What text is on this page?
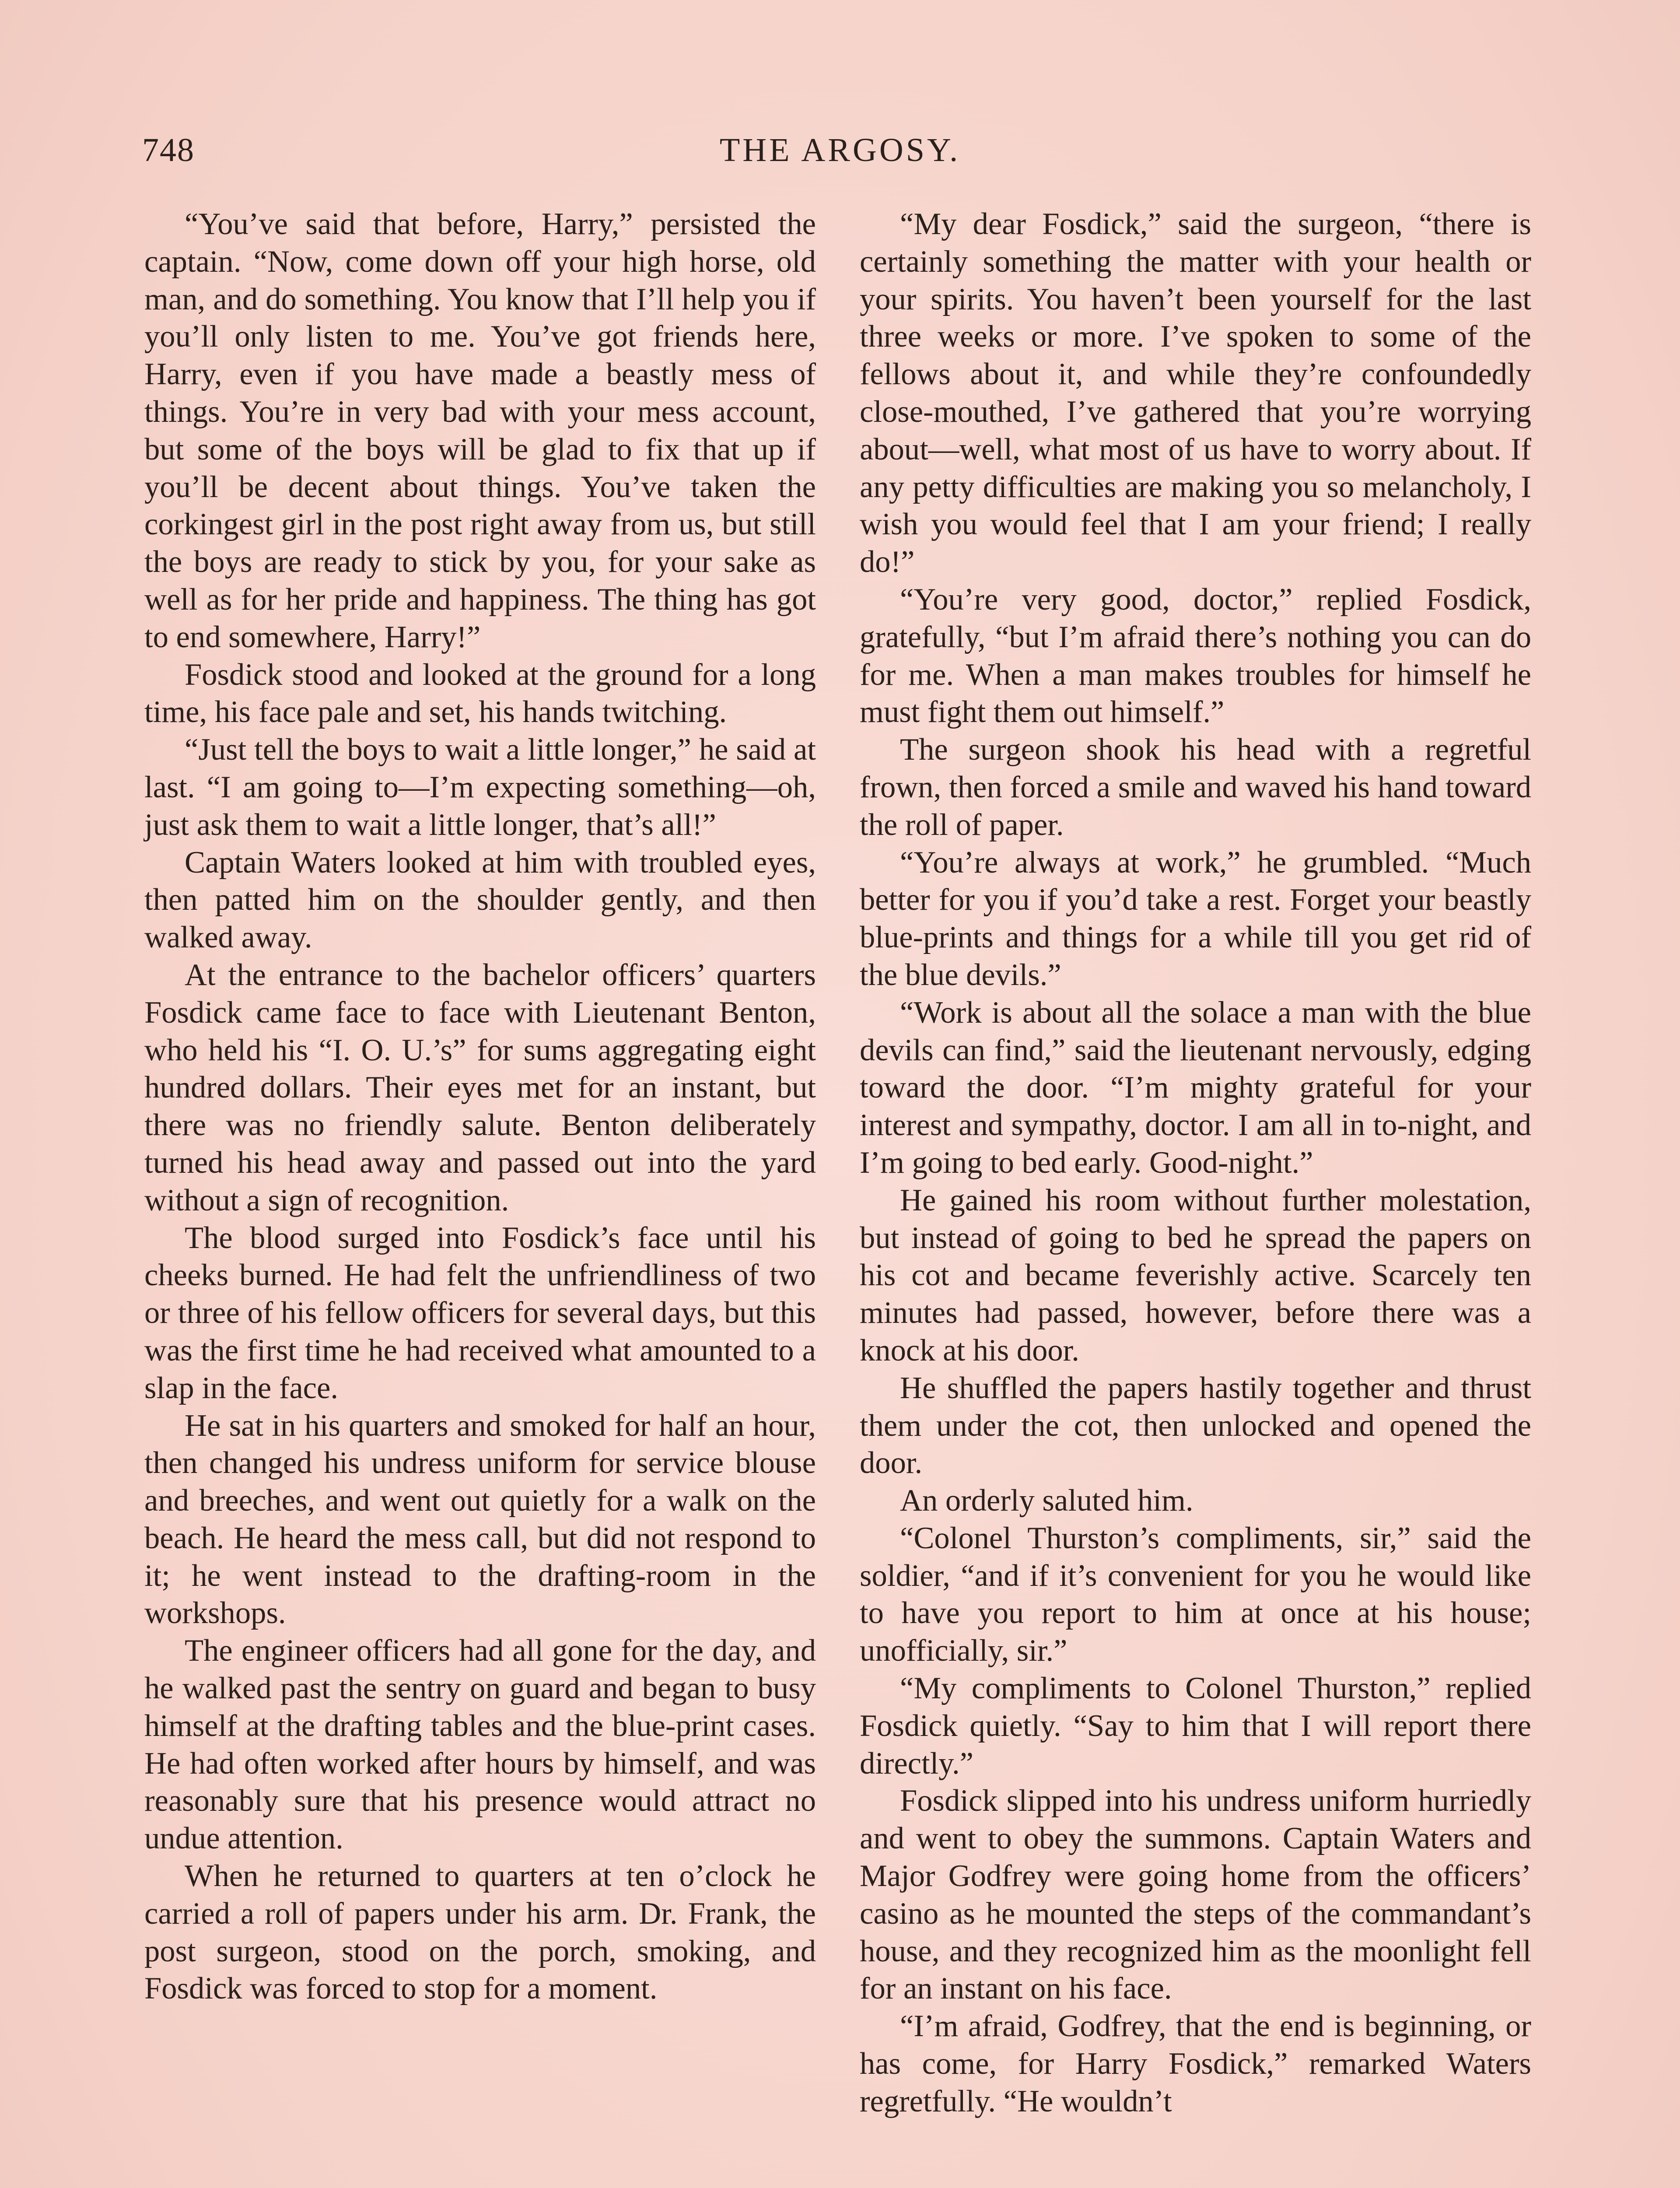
748	THE ARGOSY.

“You’ve said that before, Harry,” persisted the captain. “Now, come down off your high horse, old man, and do something. You know that I’ll help you if you’ll only listen to me. You’ve got friends here, Harry, even if you have made a beastly mess of things. You’re in very bad with your mess account, but some of the boys will be glad to fix that up if you’ll be decent about things. You’ve taken the corkingest girl in the post right away from us, but still the boys are ready to stick by you, for your sake as well as for her pride and happiness. The thing has got to end somewhere, Harry!”

Fosdick stood and looked at the ground for a long time, his face pale and set, his hands twitching.

“Just tell the boys to wait a little longer,” he said at last. “I am going to—I’m expecting something—oh, just ask them to wait a little longer, that’s all!”

Captain Waters looked at him with troubled eyes, then patted him on the shoulder gently, and then walked away.

At the entrance to the bachelor officers’ quarters Fosdick came face to face with Lieutenant Benton, who held his “I. O. U.’s” for sums aggregating eight hundred dollars. Their eyes met for an instant, but there was no friendly salute. Benton deliberately turned his head away and passed out into the yard without a sign of recognition.

The blood surged into Fosdick’s face until his cheeks burned. He had felt the unfriendliness of two or three of his fellow officers for several days, but this was the first time he had received what amounted to a slap in the face.

He sat in his quarters and smoked for half an hour, then changed his undress uniform for service blouse and breeches, and went out quietly for a walk on the beach. He heard the mess call, but did not respond to it; he went instead to the drafting-room in the workshops.

The engineer officers had all gone for the day, and he walked past the sentry on guard and began to busy himself at the drafting tables and the blue-print cases. He had often worked after hours by himself, and was reasonably sure that his presence would attract no undue attention.

When he returned to quarters at ten o’clock he carried a roll of papers under his arm. Dr. Frank, the post surgeon, stood on the porch, smoking, and Fosdick was forced to stop for a moment.

“My dear Fosdick,” said the surgeon, “there is certainly something the matter with your health or your spirits. You haven’t been yourself for the last three weeks or more. I’ve spoken to some of the fellows about it, and while they’re confoundedly close-mouthed, I’ve gathered that you’re worrying about—well, what most of us have to worry about. If any petty difficulties are making you so melancholy, I wish you would feel that I am your friend; I really do!”

“You’re very good, doctor,” replied Fosdick, gratefully, “but I’m afraid there’s nothing you can do for me. When a man makes troubles for himself he must fight them out himself.”

The surgeon shook his head with a regretful frown, then forced a smile and waved his hand toward the roll of paper.

“You’re always at work,” he grumbled. “Much better for you if you’d take a rest. Forget your beastly blue-prints and things for a while till you get rid of the blue devils.”

“Work is about all the solace a man with the blue devils can find,” said the lieutenant nervously, edging toward the door. “I’m mighty grateful for your interest and sympathy, doctor. I am all in to-night, and I’m going to bed early. Good-night.”

He gained his room without further molestation, but instead of going to bed he spread the papers on his cot and became feverishly active. Scarcely ten minutes had passed, however, before there was a knock at his door.

He shuffled the papers hastily together and thrust them under the cot, then unlocked and opened the door.

An orderly saluted him.

“Colonel Thurston’s compliments, sir,” said the soldier, “and if it’s convenient for you he would like to have you report to him at once at his house; unofficially, sir.”

“My compliments to Colonel Thurston,” replied Fosdick quietly. “Say to him that I will report there directly.”

Fosdick slipped into his undress uniform hurriedly and went to obey the summons. Captain Waters and Major Godfrey were going home from the officers’ casino as he mounted the steps of the commandant’s house, and they recognized him as the moonlight fell for an instant on his face.

“I’m afraid, Godfrey, that the end is beginning, or has come, for Harry Fosdick,” remarked Waters regretfully. “He wouldn’t
